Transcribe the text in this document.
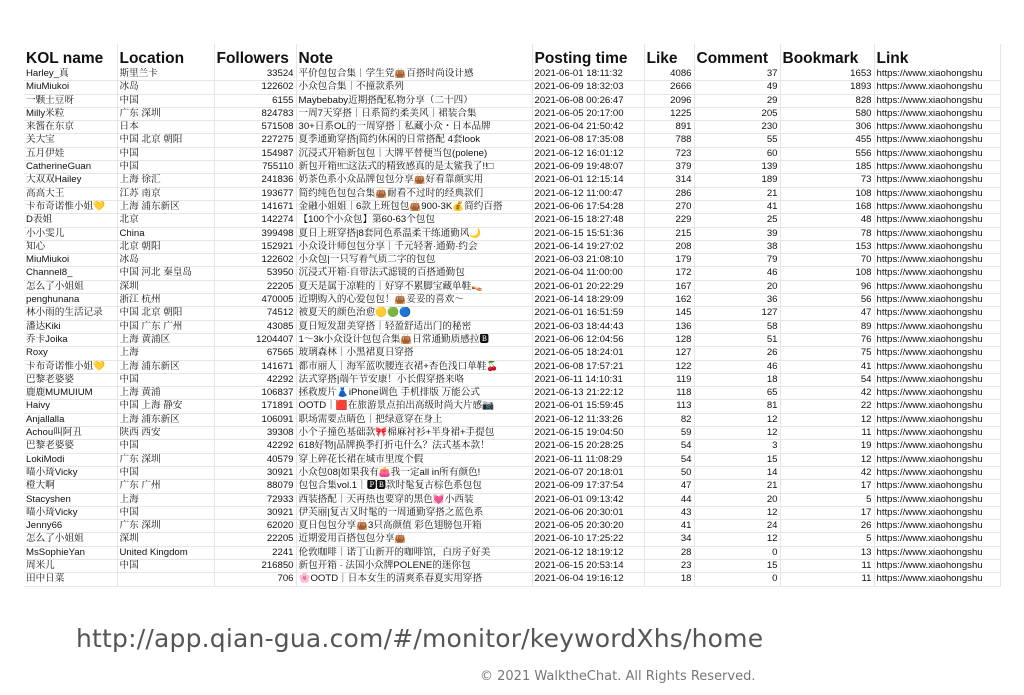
KOL name	Location	Followers	Note	Posting time	Like	Comment	Bookmark	Link
Harley_真	斯里兰卡	33524	平价包包合集｜学生党👜百搭时尚设计感	2021-06-01 18:11:32	4086	37	1653	https://www.xiaohongshu
MiuMiukoi	冰岛	122602	小众包合集｜不撞款系列	2021-06-09 18:32:03	2666	49	1893	https://www.xiaohongshu
一颗土豆呀	中国	6155	Maybebaby近期搭配私物分享（二十四）	2021-06-08 00:26:47	2096	29	828	https://www.xiaohongshu
Milly米粒	广东 深圳	824783	一周7天穿搭｜日系简约柔美风｜裙装合集	2021-06-05 20:17:00	1225	205	580	https://www.xiaohongshu
来酱在东京	日本	571508	30+日系OL的一周穿搭｜私藏小众・日本品牌	2021-06-04 21:50:42	891	230	306	https://www.xiaohongshu
关大宝	中国 北京 朝阳	227275	夏季通勤穿搭|简约休闲的日常搭配 4套look	2021-06-08 17:35:08	788	55	455	https://www.xiaohongshu
五月伊娃	中国	154987	沉浸式开箱新包包｜大牌平替便当包(polene)	2021-06-12 16:01:12	723	60	556	https://www.xiaohongshu
CatherineGuan	中国	755110	新包开箱!!□这法式的精致感真的是太鲨我了!!□	2021-06-09 19:48:07	379	139	185	https://www.xiaohongshu
大双双Hailey	上海 徐汇	241836	奶茶色系小众品牌包包分享👜好看靠颜实用	2021-06-01 12:15:14	314	189	73	https://www.xiaohongshu
高高大王	江苏 南京	193677	简约纯色包包合集👜耐看不过时的经典款们	2021-06-12 11:00:47	286	21	108	https://www.xiaohongshu
卡布奇诺惟小姐💛	上海 浦东新区	141671	金融小姐姐｜6款上班包包👜900-3K💰简约百搭	2021-06-06 17:54:28	270	41	168	https://www.xiaohongshu
D表姐	北京	142274	【100个小众包】第60-63个包包	2021-06-15 18:27:48	229	25	48	https://www.xiaohongshu
小小雯儿	China	399498	夏日上班穿搭|8套同色系温柔干练通勤风🌙	2021-06-15 15:51:36	215	39	78	https://www.xiaohongshu
知心	北京 朝阳	152921	小众设计师包包分享｜千元轻奢·通勤·约会	2021-06-14 19:27:02	208	38	153	https://www.xiaohongshu
MiuMiukoi	冰岛	122602	小众包|一只写着气质二字的包包	2021-06-03 21:08:10	179	79	70	https://www.xiaohongshu
Channel8_	中国 河北 秦皇岛	53950	沉浸式开箱·自带法式滤镜的百搭通勤包	2021-06-04 11:00:00	172	46	108	https://www.xiaohongshu
怎么了小姐姐	深圳	22205	夏天是属于凉鞋的｜好穿不累脚宝藏单鞋👡	2021-06-01 20:22:29	167	20	96	https://www.xiaohongshu
penghunana	浙江 杭州	470005	近期购入的心爱包包！👜妥妥的喜欢～	2021-06-14 18:29:09	162	36	56	https://www.xiaohongshu
林小雨的生活记录	中国 北京 朝阳	74512	被夏天的颜色治愈🟡🟢🔵	2021-06-01 16:51:59	145	127	47	https://www.xiaohongshu
潘达Kiki	中国 广东 广州	43085	夏日短发甜美穿搭｜轻盈舒适出门的秘密	2021-06-03 18:44:43	136	58	89	https://www.xiaohongshu
乔卡Joika	上海 黄浦区	1204407	1～3k小众设计包包合集👜日常通勤质感拉🅱	2021-06-06 12:04:56	128	51	76	https://www.xiaohongshu
Roxy	上海	67565	玻璃森林｜小黑裙夏日穿搭	2021-06-05 18:24:01	127	26	75	https://www.xiaohongshu
卡布奇诺惟小姐💛	上海 浦东新区	141671	都市丽人｜海军蓝吹腰连衣裙+杏色浅口单鞋🍒	2021-06-08 17:57:21	122	46	41	https://www.xiaohongshu
巴黎老婆婆	中国	42292	法式穿搭|端午节安康！小长假穿搭来咯	2021-06-11 14:10:31	119	18	54	https://www.xiaohongshu
鹿鹿MUMUIUM	上海 黄浦	106837	拯救废片👗iPhone调色 手机排版 万能公式	2021-06-13 21:22:12	118	65	42	https://www.xiaohongshu
Haivy	中国 上海 静安	171891	OOTD｜🟥在旅游景点拍出高级时尚大片感📷	2021-06-01 15:59:45	113	81	22	https://www.xiaohongshu
Anjallalla	上海 浦东新区	106091	职场需要点睛色｜把绿意穿在身上	2021-06-12 11:33:26	82	12	12	https://www.xiaohongshu
Achou叫阿丑	陕西 西安	39308	小个子撞色基础款🎀棉麻衬衫+半身裙+手提包	2021-06-15 19:04:50	59	12	11	https://www.xiaohongshu
巴黎老婆婆	中国	42292	618好物|品牌换季打折屯什么？法式基本款！	2021-06-15 20:28:25	54	3	19	https://www.xiaohongshu
LokiModi	广东 深圳	40579	穿上碎花长裙在城市里度个假	2021-06-11 11:08:29	54	15	12	https://www.xiaohongshu
喵小琦Vicky	中国	30921	小众包08|如果我有👛我一定all in所有颜色!	2021-06-07 20:18:01	50	14	42	https://www.xiaohongshu
橙大啊	广东 广州	88079	包包合集vol.1｜🅿🅱款时髦复古棕色系包包	2021-06-09 17:37:54	47	21	17	https://www.xiaohongshu
Stacyshen	上海	72933	西装搭配｜天再热也要穿的黑色💓小西装	2021-06-01 09:13:42	44	20	5	https://www.xiaohongshu
喵小琦Vicky	中国	30921	伊芙丽|复古又时髦的一周通勤穿搭之蓝色系	2021-06-06 20:30:01	43	12	17	https://www.xiaohongshu
Jenny66	广东 深圳	62020	夏日包包分享👜3只高颜值 彩色翅膀包开箱	2021-06-05 20:30:20	41	24	26	https://www.xiaohongshu
怎么了小姐姐	深圳	22205	近期爱用百搭包包分享👜	2021-06-10 17:25:22	34	12	5	https://www.xiaohongshu
MsSophieYan	United Kingdom	2241	伦敦咖啡｜诺丁山新开的咖啡馆，白房子好美	2021-06-12 18:19:12	28	0	13	https://www.xiaohongshu
周米儿	中国	216850	新包开箱 · 法国小众牌POLENE的迷你包	2021-06-15 20:53:14	23	15	11	https://www.xiaohongshu
田中日菜		706	🌸OOTD｜日本女生的清爽系春夏实用穿搭	2021-06-04 19:16:12	18	0	11	https://www.xiaohongshu
http://app.qian-gua.com/#/monitor/keywordXhs/home
© 2021 WalktheChat. All Rights Reserved.
